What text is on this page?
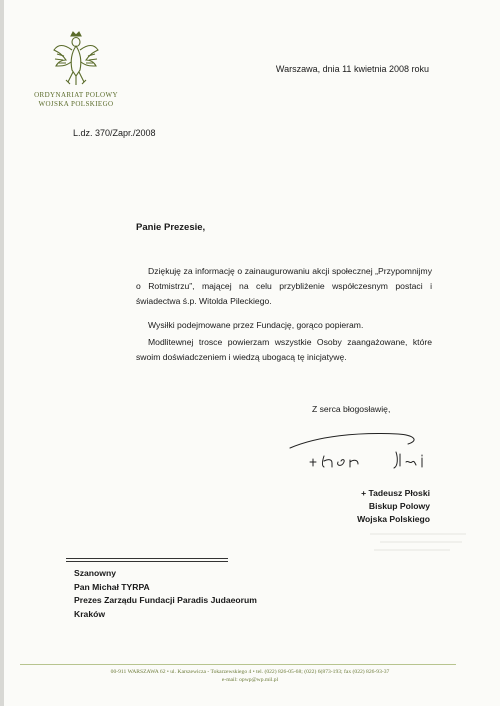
ORDYNARIAT POLOWY
WOJSKA POLSKIEGO
Warszawa, dnia 11 kwietnia 2008 roku
L.dz. 370/Zapr./2008
Panie Prezesie,
Dziękuję za informację o zainaugurowaniu akcji społecznej „Przypomnijmy o Rotmistrzu”, mającej na celu przybliżenie współczesnym postaci i świadectwa ś.p. Witolda Pileckiego.
Wysiłki podejmowane przez Fundację, gorąco popieram.
Modlitewnej trosce powierzam wszystkie Osoby zaangażowane, które swoim doświadczeniem i wiedzą ubogacą tę inicjatywę.
Z serca błogosławię,
+ Tadeusz Płoski
Biskup Polowy
Wojska Polskiego
Szanowny
Pan Michał TYRPA
Prezes Zarządu Fundacji Paradis Judaeorum
Kraków
00-911 WARSZAWA 62 • ul. Karszewicza - Tokarzewskiego 4 • tel. (022) 826-05-68; (022) 6(873-193; fax (022) 826-93-37
e-mail: opwp@wp.mil.pl
